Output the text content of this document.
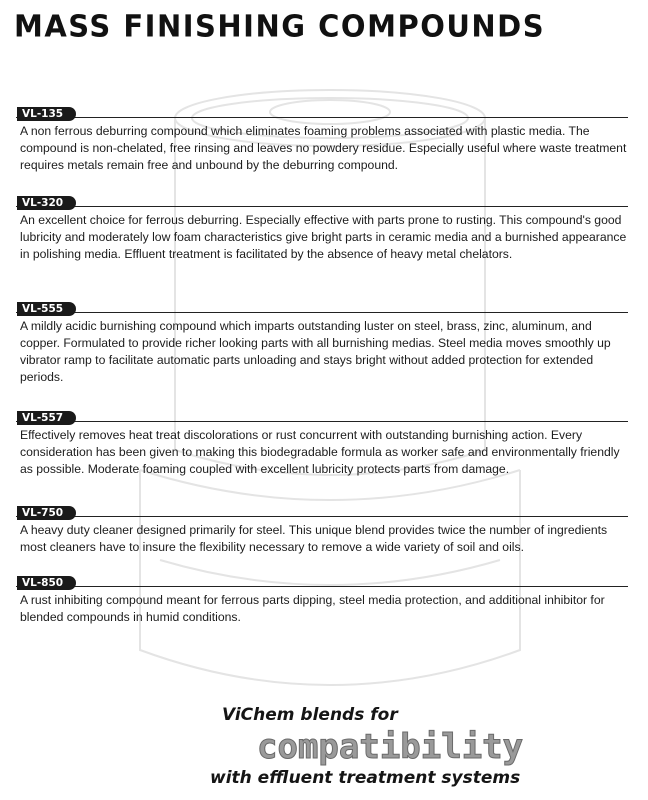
MASS FINISHING COMPOUNDS
VL-135

A non ferrous deburring compound which eliminates foaming problems associated with plastic media. The compound is non-chelated, free rinsing and leaves no powdery residue. Especially useful where waste treatment requires metals remain free and unbound by the deburring compound.

VL-320

An excellent choice for ferrous deburring. Especially effective with parts prone to rusting. This compound's good lubricity and moderately low foam characteristics give bright parts in ceramic media and a burnished appearance in polishing media. Effluent treatment is facilitated by the absence of heavy metal chelators.

VL-555

A mildly acidic burnishing compound which imparts outstanding luster on steel, brass, zinc, aluminum, and copper. Formulated to provide richer looking parts with all burnishing medias. Steel media moves smoothly up vibrator ramp to facilitate automatic parts unloading and stays bright without added protection for extended periods.

VL-557

Effectively removes heat treat discolorations or rust concurrent with outstanding burnishing action. Every consideration has been given to making this biodegradable formula as worker safe and environmentally friendly as possible. Moderate foaming coupled with excellent lubricity protects parts from damage.

VL-750

A heavy duty cleaner designed primarily for steel. This unique blend provides twice the number of ingredients most cleaners have to insure the flexibility necessary to remove a wide variety of soil and oils.

VL-850

A rust inhibiting compound meant for ferrous parts dipping, steel media protection, and additional inhibitor for blended compounds in humid conditions.

ViChem blends for
compatibility
with effluent treatment systems
